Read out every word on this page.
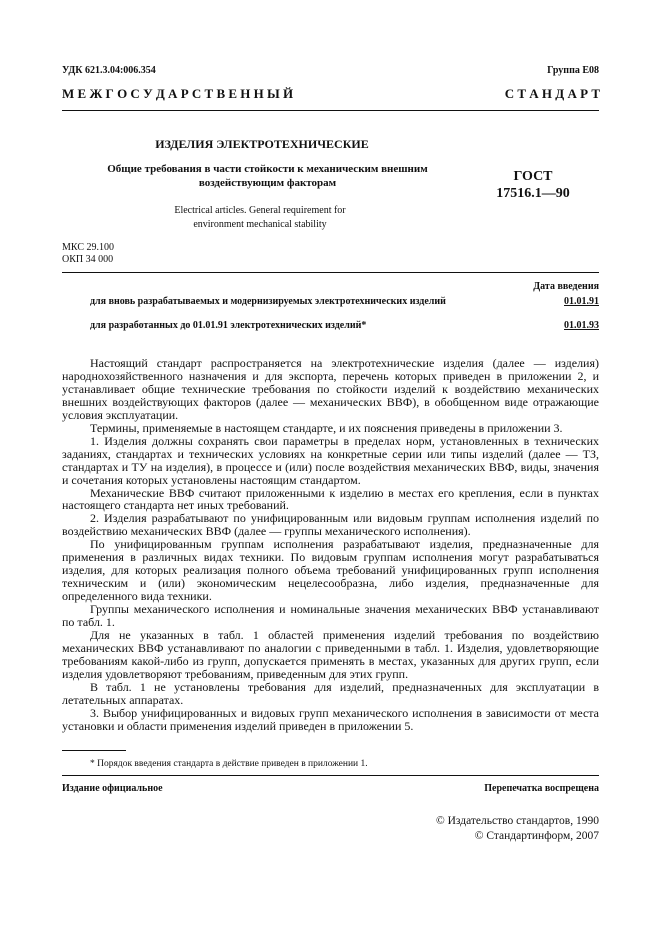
УДК 621.3.04:006.354	Группа Е08
М Е Ж Г О С У Д А Р С Т В Е Н Н Ы Й	С Т А Н Д А Р Т
ИЗДЕЛИЯ ЭЛЕКТРОТЕХНИЧЕСКИЕ
Общие требования в части стойкости к механическим внешним
воздействующим факторам	ГОСТ
17516.1—90
Electrical articles. General requirement for
environment mechanical stability
МКС 29.100
ОКП 34 000
Дата введения
для вновь разрабатываемых и модернизируемых электротехнических изделий	01.01.91
для разработанных до 01.01.91 электротехнических изделий*	01.01.93

Настоящий стандарт распространяется на электротехнические изделия (далее — изделия) народнохозяйственного назначения и для экспорта, перечень которых приведен в приложении 2, и устанавливает общие технические требования по стойкости изделий к воздействию механических внешних воздействующих факторов (далее — механических ВВФ), в обобщенном виде отражающие условия эксплуатации.

Термины, применяемые в настоящем стандарте, и их пояснения приведены в приложении 3.

1. Изделия должны сохранять свои параметры в пределах норм, установленных в технических заданиях, стандартах и технических условиях на конкретные серии или типы изделий (далее — ТЗ, стандартах и ТУ на изделия), в процессе и (или) после воздействия механических ВВФ, виды, значения и сочетания которых установлены настоящим стандартом.

Механические ВВФ считают приложенными к изделию в местах его крепления, если в пунктах настоящего стандарта нет иных требований.

2. Изделия разрабатывают по унифицированным или видовым группам исполнения изделий по воздействию механических ВВФ (далее — группы механического исполнения).

По унифицированным группам исполнения разрабатывают изделия, предназначенные для применения в различных видах техники. По видовым группам исполнения могут разрабатываться изделия, для которых реализация полного объема требований унифицированных групп исполнения техническим и (или) экономическим нецелесообразна, либо изделия, предназначенные для определенного вида техники.

Группы механического исполнения и номинальные значения механических ВВФ устанавливают по табл. 1.

Для не указанных в табл. 1 областей применения изделий требования по воздействию механических ВВФ устанавливают по аналогии с приведенными в табл. 1. Изделия, удовлетворяющие требованиям какой-либо из групп, допускается применять в местах, указанных для других групп, если изделия удовлетворяют требованиям, приведенным для этих групп.

В табл. 1 не установлены требования для изделий, предназначенных для эксплуатации в летательных аппаратах.

3. Выбор унифицированных и видовых групп механического исполнения в зависимости от места установки и области применения изделий приведен в приложении 5.

* Порядок введения стандарта в действие приведен в приложении 1.
Издание официальное	Перепечатка воспрещена
© Издательство стандартов, 1990
© Стандартинформ, 2007
